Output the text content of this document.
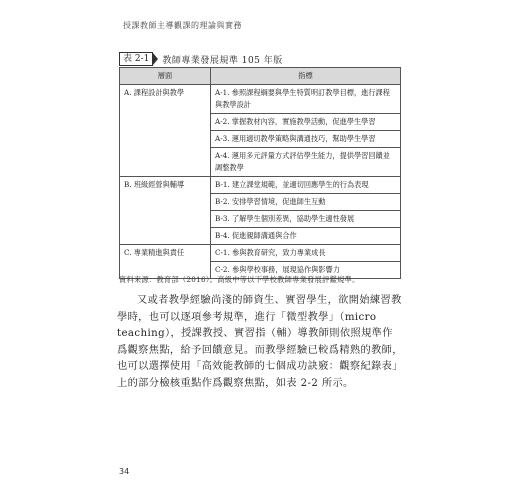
授課教師主導觀課的理論與實務
表 2-1	教師專業發展規準 105 年版
層面	指標
A. 課程設計與教學	A-1. 參照課程綱要與學生特質明訂教學目標，進行課程與教學設計
	A-2. 掌握教材內容，實施教學活動，促進學生學習
	A-3. 運用適切教學策略與溝通技巧，幫助學生學習
	A-4. 運用多元評量方式評估學生能力，提供學習回饋並調整教學
B. 班級經營與輔導	B-1. 建立課堂規範，並適切回應學生的行為表現
	B-2. 安排學習情境，促進師生互動
	B-3. 了解學生個別差異，協助學生適性發展
	B-4. 促進親師溝通與合作
C. 專業精進與責任	C-1. 參與教育研究，致力專業成長
	C-2. 參與學校事務，展現協作與影響力
資料來源：教育部（2016）。高級中等以下學校教師專業發展評鑑規準。

又或者教學經驗尚淺的師資生、實習學生，欲開始練習教學時，也可以逐項參考規準，進行「微型教學」（micro teaching），授課教授、實習指（輔）導教師則依照規準作爲觀察焦點，給予回饋意見。而教學經驗已較爲精熟的教師，也可以選擇使用「高效能教師的七個成功訣竅：觀察紀錄表」上的部分檢核重點作爲觀察焦點，如表 2-2 所示。

34
